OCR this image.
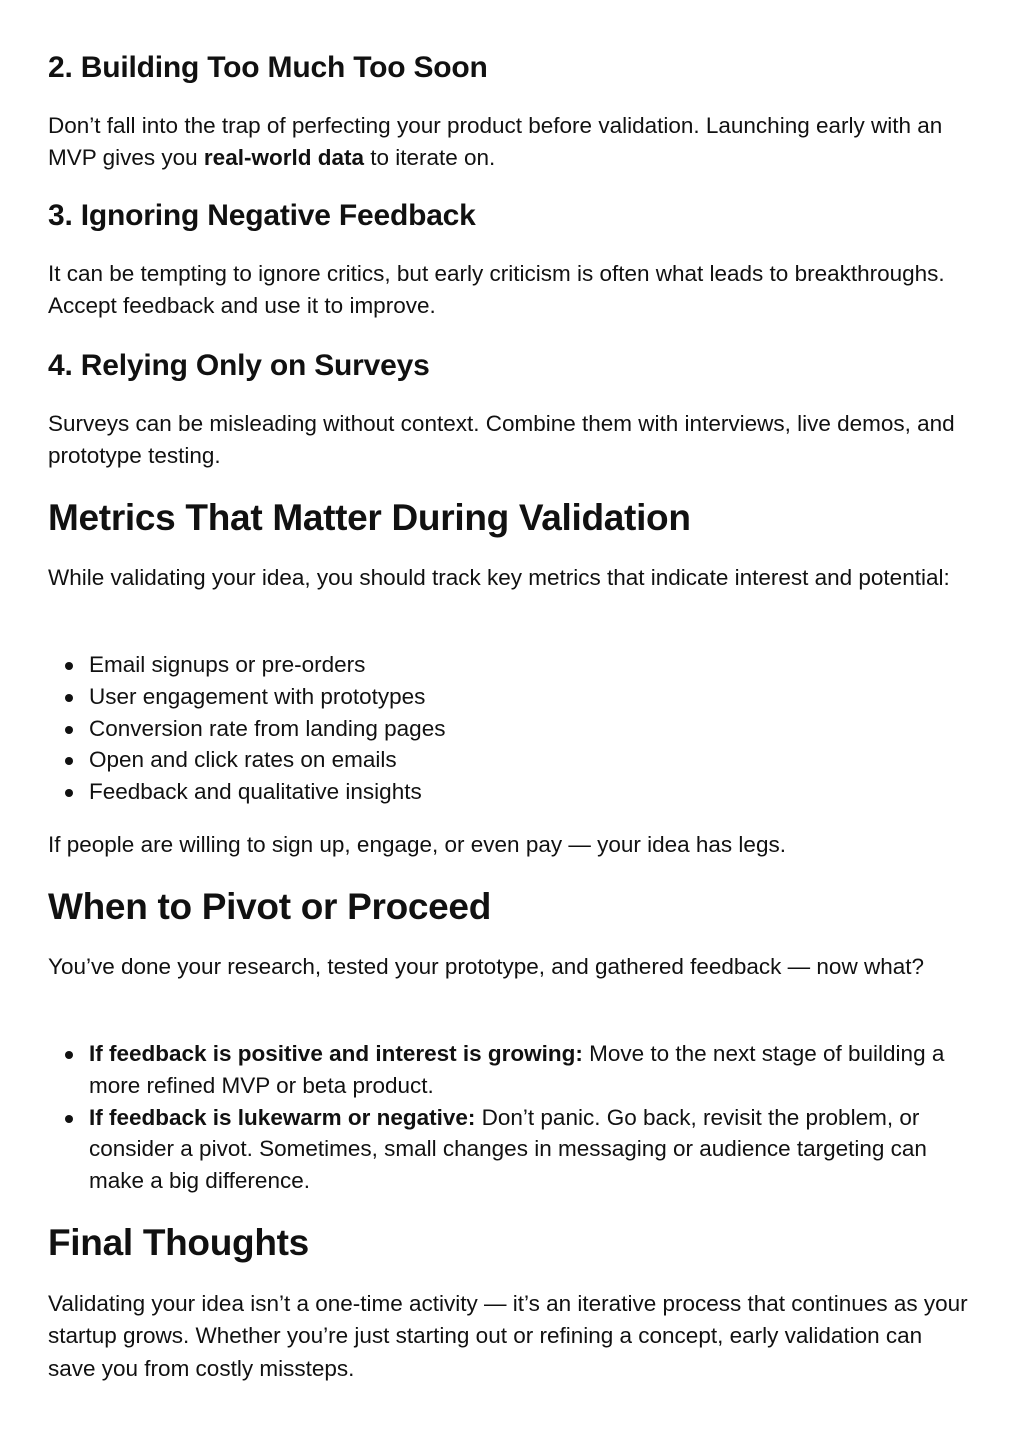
2. Building Too Much Too Soon

Don’t fall into the trap of perfecting your product before validation. Launching early with an MVP gives you real-world data to iterate on.

3. Ignoring Negative Feedback

It can be tempting to ignore critics, but early criticism is often what leads to breakthroughs. Accept feedback and use it to improve.

4. Relying Only on Surveys

Surveys can be misleading without context. Combine them with interviews, live demos, and prototype testing.

Metrics That Matter During Validation

While validating your idea, you should track key metrics that indicate interest and potential:

Email signups or pre-orders
User engagement with prototypes
Conversion rate from landing pages
Open and click rates on emails
Feedback and qualitative insights

If people are willing to sign up, engage, or even pay — your idea has legs.

When to Pivot or Proceed

You’ve done your research, tested your prototype, and gathered feedback — now what?

If feedback is positive and interest is growing: Move to the next stage of building a more refined MVP or beta product.
If feedback is lukewarm or negative: Don’t panic. Go back, revisit the problem, or consider a pivot. Sometimes, small changes in messaging or audience targeting can make a big difference.
Final Thoughts

Validating your idea isn’t a one-time activity — it’s an iterative process that continues as your startup grows. Whether you’re just starting out or refining a concept, early validation can save you from costly missteps.
